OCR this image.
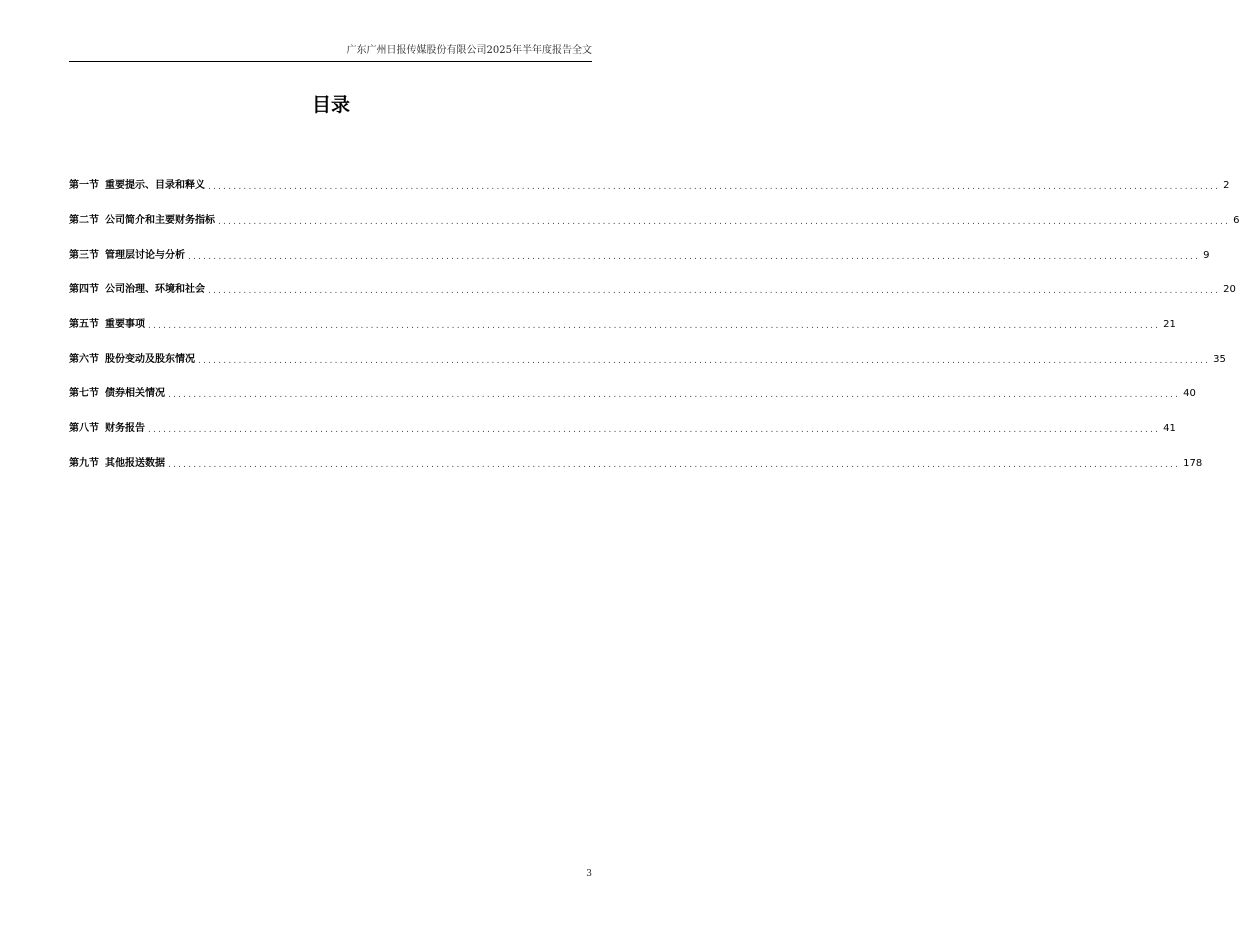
广东广州日报传媒股份有限公司2025年半年度报告全文
目录
第一节 重要提示、目录和释义 ........................................................................................................................................................................................................ 2
第二节 公司简介和主要财务指标 ........................................................................................................................................................................................................ 6
第三节 管理层讨论与分析 ........................................................................................................................................................................................................ 9
第四节 公司治理、环境和社会 ........................................................................................................................................................................................................ 20
第五节 重要事项 ........................................................................................................................................................................................................ 21
第六节 股份变动及股东情况 ........................................................................................................................................................................................................ 35
第七节 债券相关情况 ........................................................................................................................................................................................................ 40
第八节 财务报告 ........................................................................................................................................................................................................ 41
第九节 其他报送数据 ........................................................................................................................................................................................................ 178
3
